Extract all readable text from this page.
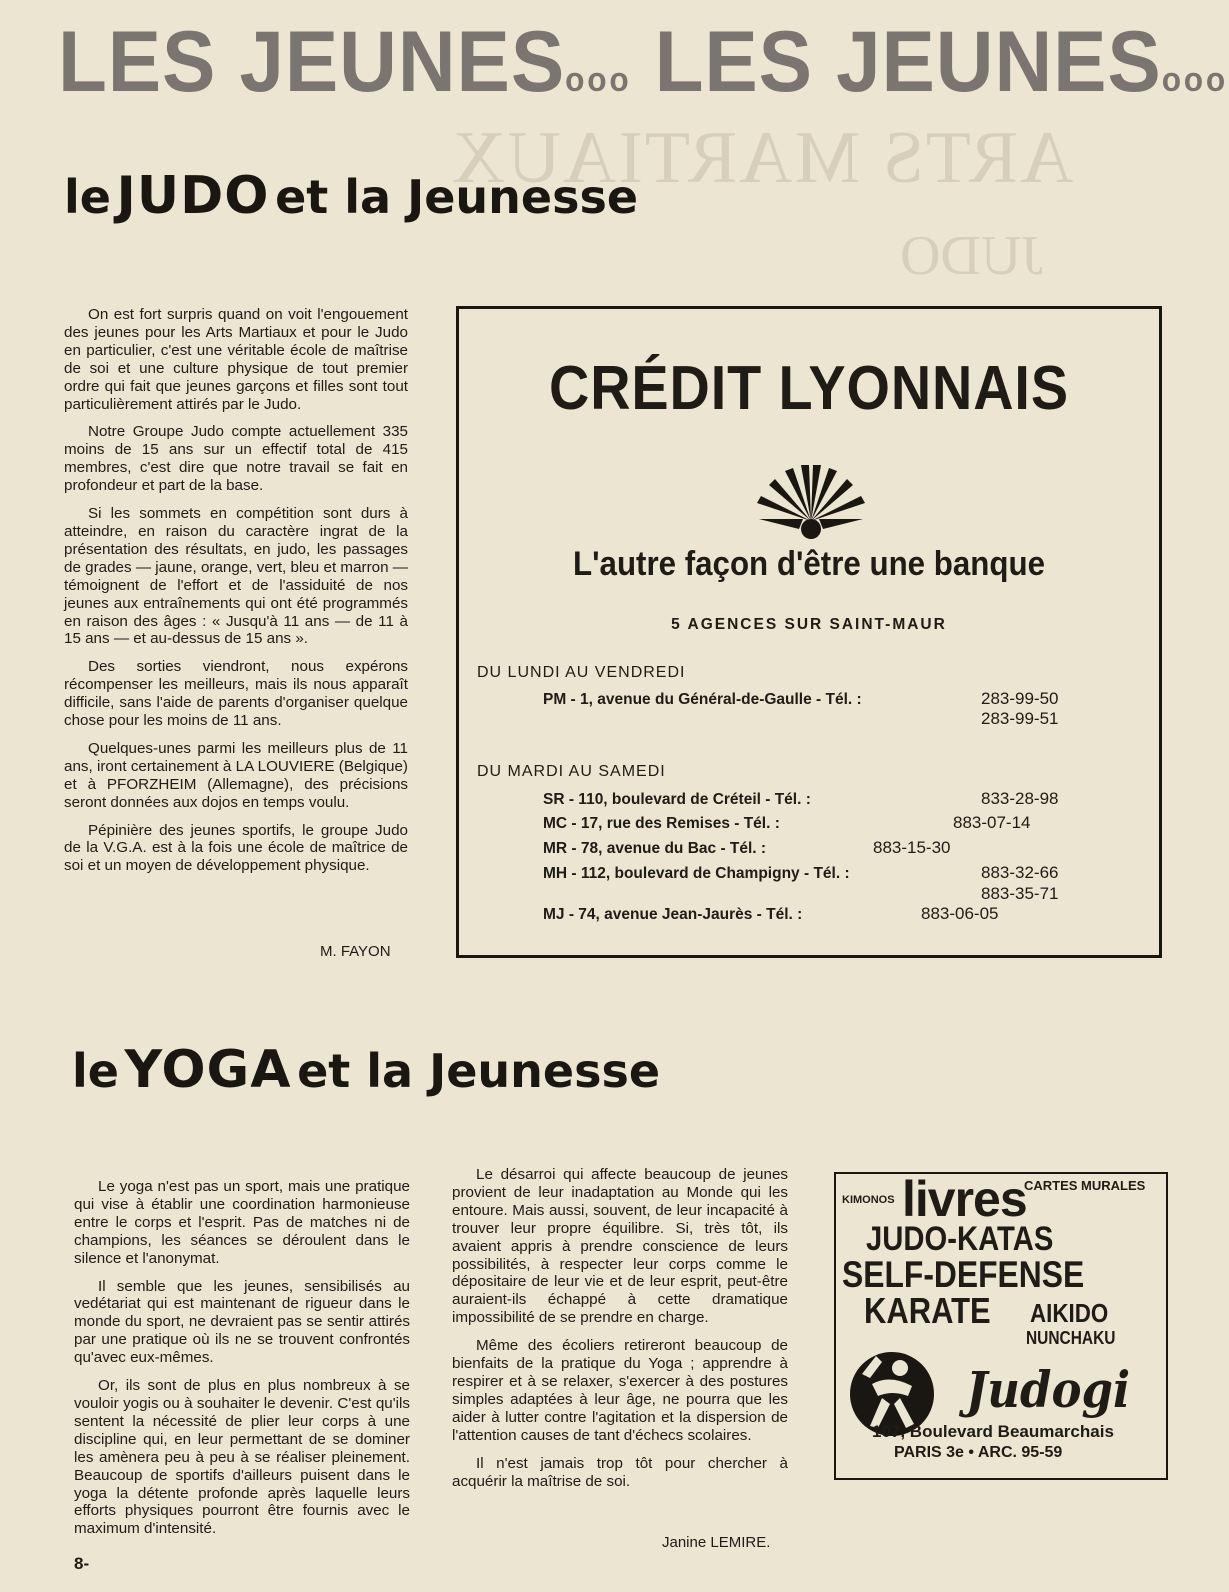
LES JEUNESooo LES JEUNESooo
ARTS MARTIAUX
JUDO
le JUDO et la Jeunesse

On est fort surpris quand on voit l'engouement des jeunes pour les Arts Martiaux et pour le Judo en particulier, c'est une véritable école de maîtrise de soi et une culture physique de tout premier ordre qui fait que jeunes garçons et filles sont tout particulièrement attirés par le Judo.

Notre Groupe Judo compte actuellement 335 moins de 15 ans sur un effectif total de 415 membres, c'est dire que notre travail se fait en profondeur et part de la base.

Si les sommets en compétition sont durs à atteindre, en raison du caractère ingrat de la présentation des résultats, en judo, les passages de grades — jaune, orange, vert, bleu et marron — témoignent de l'effort et de l'assiduité de nos jeunes aux entraînements qui ont été programmés en raison des âges : « Jusqu'à 11 ans — de 11 à 15 ans — et au-dessus de 15 ans ».

Des sorties viendront, nous expérons récompenser les meilleurs, mais ils nous apparaît difficile, sans l'aide de parents d'organiser quelque chose pour les moins de 11 ans.

Quelques-unes parmi les meilleurs plus de 11 ans, iront certainement à LA LOUVIERE (Belgique) et à PFORZHEIM (Allemagne), des précisions seront données aux dojos en temps voulu.

Pépinière des jeunes sportifs, le groupe Judo de la V.G.A. est à la fois une école de maîtrice de soi et un moyen de développement physique.

M. FAYON
CRÉDIT LYONNAIS
L'autre façon d'être une banque
5 AGENCES SUR SAINT-MAUR
DU LUNDI AU VENDREDI
PM - 1, avenue du Général-de-Gaulle - Tél. :	283-99-50
283-99-51
DU MARDI AU SAMEDI
SR - 110, boulevard de Créteil - Tél. :	833-28-98
MC - 17, rue des Remises - Tél. :	883-07-14
MR - 78, avenue du Bac - Tél. :	883-15-30
MH - 112, boulevard de Champigny - Tél. :	883-32-66
883-35-71
MJ - 74, avenue Jean-Jaurès - Tél. :	883-06-05
le YOGA et la Jeunesse

Le yoga n'est pas un sport, mais une pratique qui vise à établir une coordination harmonieuse entre le corps et l'esprit. Pas de matches ni de champions, les séances se déroulent dans le silence et l'anonymat.

Il semble que les jeunes, sensibilisés au vedétariat qui est maintenant de rigueur dans le monde du sport, ne devraient pas se sentir attirés par une pratique où ils ne se trouvent confrontés qu'avec eux-mêmes.

Or, ils sont de plus en plus nombreux à se vouloir yogis ou à souhaiter le devenir. C'est qu'ils sentent la nécessité de plier leur corps à une discipline qui, en leur permettant de se dominer les amènera peu à peu à se réaliser pleinement. Beaucoup de sportifs d'ailleurs puisent dans le yoga la détente profonde après laquelle leurs efforts physiques pourront être fournis avec le maximum d'intensité.

Le désarroi qui affecte beaucoup de jeunes provient de leur inadaptation au Monde qui les entoure. Mais aussi, souvent, de leur incapacité à trouver leur propre équilibre. Si, très tôt, ils avaient appris à prendre conscience de leurs possibilités, à respecter leur corps comme le dépositaire de leur vie et de leur esprit, peut-être auraient-ils échappé à cette dramatique impossibilité de se prendre en charge.

Même des écoliers retireront beaucoup de bienfaits de la pratique du Yoga ; apprendre à respirer et à se relaxer, s'exercer à des postures simples adaptées à leur âge, ne pourra que les aider à lutter contre l'agitation et la dispersion de l'attention causes de tant d'échecs scolaires.

Il n'est jamais trop tôt pour chercher à acquérir la maîtrise de soi.

Janine LEMIRE.
CARTES MURALES
KIMONOS livres
JUDO-KATAS
SELF-DEFENSE
KARATE AIKIDO
NUNCHAKU
Judogi
107, Boulevard Beaumarchais
PARIS 3e • ARC. 95-59
8-
